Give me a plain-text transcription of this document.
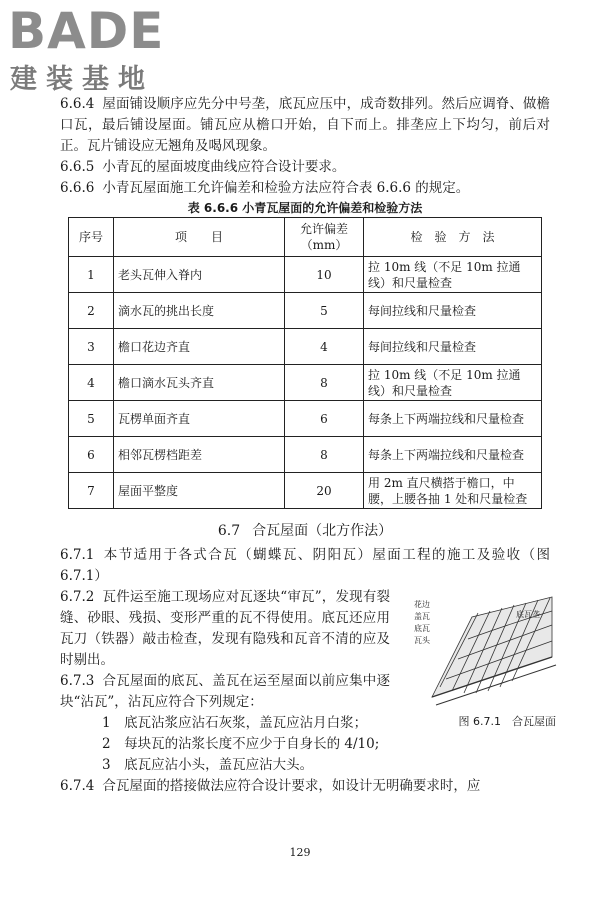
BADE
建装基地
6.6.4 屋面铺设顺序应先分中号垄，底瓦应压中，成奇数排列。然后应调脊、做檐口瓦，最后铺设屋面。铺瓦应从檐口开始，自下而上。排垄应上下均匀，前后对正。瓦片铺设应无翘角及喝风现象。
6.6.5 小青瓦的屋面坡度曲线应符合设计要求。
6.6.6 小青瓦屋面施工允许偏差和检验方法应符合表 6.6.6 的规定。

表 6.6.6 小青瓦屋面的允许偏差和检验方法

序号	项　　目	允许偏差（mm）	检　验　方　法
1	老头瓦伸入脊内	10	拉 10m 线（不足 10m 拉通线）和尺量检查
2	滴水瓦的挑出长度	5	每间拉线和尺量检查
3	檐口花边齐直	4	每间拉线和尺量检查
4	檐口滴水瓦头齐直	8	拉 10m 线（不足 10m 拉通线）和尺量检查
5	瓦楞单面齐直	6	每条上下两端拉线和尺量检查
6	相邻瓦楞档距差	8	每条上下两端拉线和尺量检查
7	屋面平整度	20	用 2m 直尺横搭于檐口，中腰，上腰各抽 1 处和尺量检查
6.7 合瓦屋面（北方作法）
6.7.1 本节适用于各式合瓦（蝴蝶瓦、阴阳瓦）屋面工程的施工及验收（图 6.7.1）
花边
盖瓦
底瓦
底瓦垄
瓦头
图 6.7.1　合瓦屋面
6.7.2 瓦件运至施工现场应对瓦逐块“审瓦”，发现有裂缝、砂眼、残损、变形严重的瓦不得使用。底瓦还应用瓦刀（铁器）敲击检查，发现有隐残和瓦音不清的应及时剔出。
6.7.3 合瓦屋面的底瓦、盖瓦在运至屋面以前应集中逐块“沾瓦”，沾瓦应符合下列规定：

1　 底瓦沾浆应沾石灰浆，盖瓦应沾月白浆；

2　 每块瓦的沾浆长度不应少于自身长的 4/10;

3　 底瓦应沾小头，盖瓦应沾大头。

6.7.4 合瓦屋面的搭接做法应符合设计要求，如设计无明确要求时，应
129
